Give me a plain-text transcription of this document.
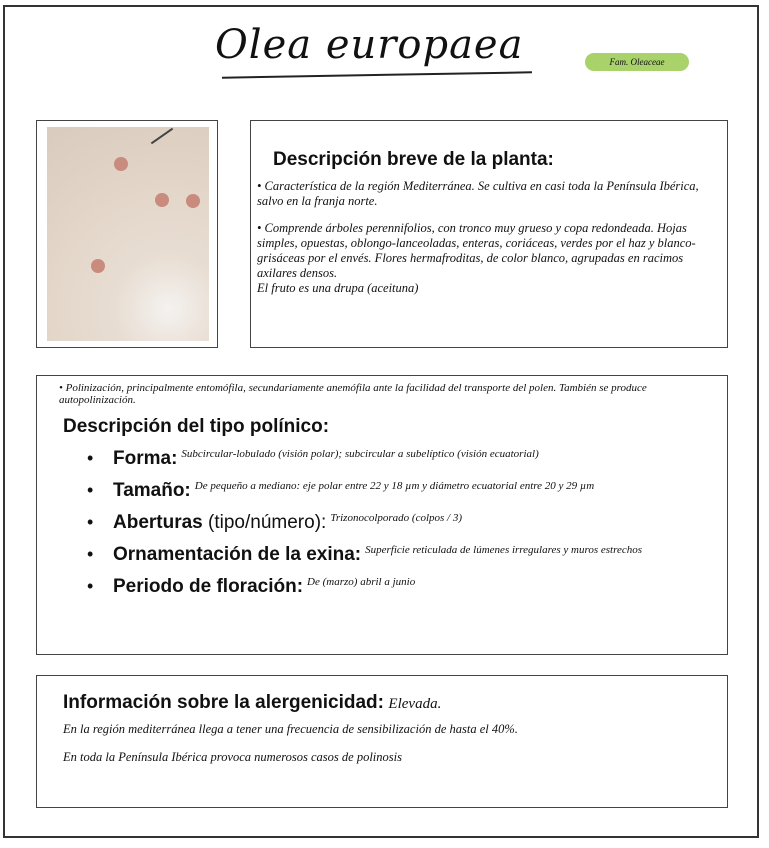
Olea europaea	Fam. Oleaceae
Descripción breve de la planta:
• Característica de la región Mediterránea. Se cultiva en casi toda la Península Ibérica, salvo en la franja norte.
• Comprende árboles perennifolios, con tronco muy grueso y copa redondeada. Hojas simples, opuestas, oblongo-lanceoladas, enteras, coriáceas, verdes por el haz y blanco-grisáceas por el envés. Flores hermafroditas, de color blanco, agrupadas en racimos axilares densos.
El fruto es una drupa (aceituna)
• Polinización, principalmente entomófila, secundariamente anemófila ante la facilidad del transporte del polen. También se produce autopolinización.
Descripción del tipo polínico:
• Forma: Subcircular-lobulado (visión polar); subcircular a subelíptico (visión ecuatorial)
• Tamaño: De pequeño a mediano: eje polar entre 22 y 18 µm y diámetro ecuatorial entre 20 y 29 µm
• Aberturas (tipo/número): Trizonocolporado (colpos / 3)
• Ornamentación de la exina: Superficie reticulada de lúmenes irregulares y muros estrechos
• Periodo de floración: De (marzo) abril a junio
Información sobre la alergenicidad: Elevada.
En la región mediterránea llega a tener una frecuencia de sensibilización de hasta el 40%.
En toda la Península Ibérica provoca numerosos casos de polinosis
